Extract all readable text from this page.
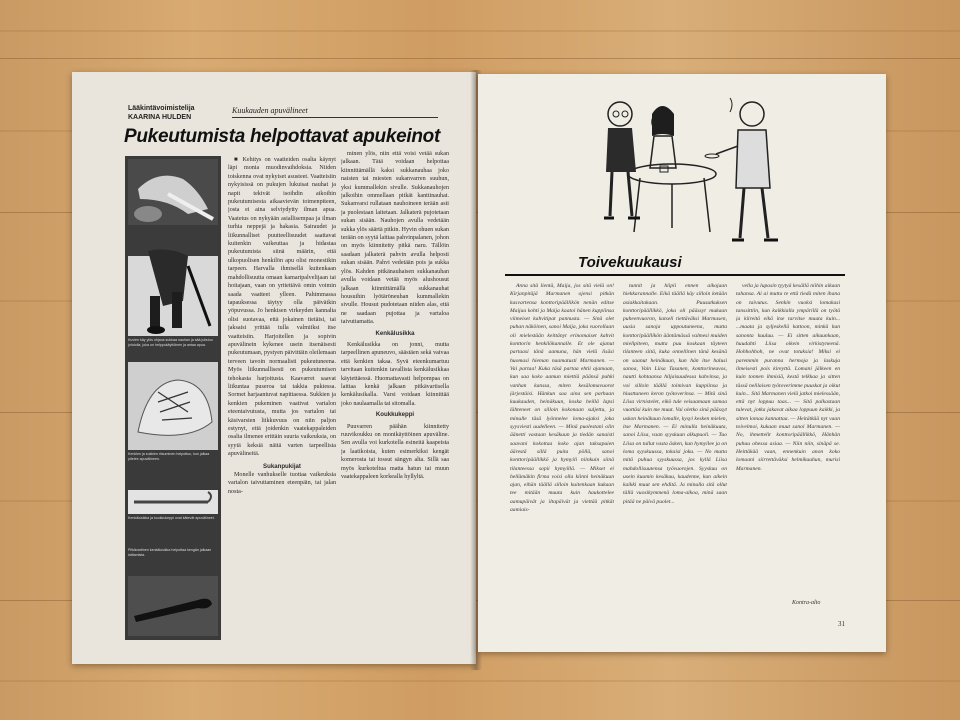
Lääkintävoimistelija
KAARINA HULDEN
Kuukauden apuvälineet
Pukeutumista helpottavat apukeinot
Kuvien käy ylös ohjaus sukkaa nauhan ja sää julistuu johdolla, joka on helppokäyttöinen ja antaa apua.
Kenkien ja sukkien riisuminen helpottuu, kun jalkaa pitelee apuvälineen.
Kenkälusikka ja koukkukeppi ovat kätevät apuvälineet.
Pitkävartinen kenkälusikka helpottaa kengän jalkaan laittamista.

■ Kehitys on vaatteiden osalta käynyt läpi monia muodinvaihdoksia. Niiden toiskenna ovat nykyiset asusteet. Vaatteisiin nykyisissä on pukujen lukuisat nauhat ja napit tekivät isoihdin aikoihin pukeutumisesta aikaavievän toimenpiteen, josta ei aina selviydytty ilman apua. Vaatetus on nykyään asiallisempaa ja ilman turhia neppejä ja hakasia. Sairaudet ja liikunnalliset puutteellisuudet saattavat kuitenkin vaikeuttaa ja hidastaa pukeutumista siinä määrin, että ulkopuolisen henkilön apu olisi monestikin tarpeen. Harvalla ihmisellä kuitenkaan mahdollisuutta omaan kamaripalvelijaan tai hoitajaan, vaan on yritettävä omin voimin saada vaatteet ylleen. Pahimmassa tapauksessa täytyy olla päivätkin yöpuvussa. Jo henkisen virkeyden kannalta olisi suotavaa, että jokainen tietäisi, tai jaksaisi yrittää tulla valmiiksi itse vaatteisiin. Harjoitellen ja sopivin apuvälinein kykenee usein itsenäisesti pukeutumaan, pystyen päivittäin oleilemaan terveen tavoin normaalisti pukeutuneena. Myös liikunnallisesti on pukeutumisen tehokasta harjoitusta. Kaavarret saavat liikuntaa puseroa tai takkia pukiessa. Sormet harjaantuvat napittaessa. Sukkien ja kenkien pukeminen vaativat vartalon eteentaivutusta, mutta jos vartalon tai käsivarsien liikkuvuus on niin paljon estynyt, että joidenkin vaatekappaleiden osalta ilmenee erittäin suuria vaikeuksia, on syytä keksiä näitä varten tarpeellisia apuvälineitä.

Sukanpukijat

Monelle vanhukselle tuottaa vaikeuksia vartalon taivuttaminen eteenpäin, tai jalan nosta-

minen ylös, niin että voisi vetää sukan jalkaan. Tätä voidaan helpottaa kiinnittämällä kaksi sukkanauhaa joko naisten tai miesten sukanvarren suuhun, yksi kummallekin sivulle. Sukkanauhojen jalkoihin ommellaan pitkät kanttinauhat. Sukanvarsi rullataan nauhoineen terään asti ja puolestaan laitetaan. Jalkaterä pujotetaan sukan sisään. Nauhojen avulla vedetään sukka ylös säärtä pitkin. Hyvin ohuen sukan terään on syytä laittaa pahvinpalanen, johon on myös kiinnitetty pitkä naru. Tällöin saadaan jalkaterä pahvin avulla helposti sukan sisään. Pahvi vedetään pois ja sukka ylös. Kahden pitkänauhaisen sukkanauhan avulla voidaan vetää myös alushousut jalkaan kiinnittämällä sukkanauhat housuihin lyötäröneuhan kummallekin sivulle. Housut pudotetaan niiden alas, että ne saadaan pujottaa ja vartaloa taivuttamatta.

Kenkälusikka

Kenkälusikka on jonni, mutta tarpeellinen apuneuvo, säästäen sekä vaivaa että kenkien takaa. Syvä eteenkumartuu tarvitaan kuitenkin tavallista kenkälusikkaa käytettäessä. Huomattavasti helpompaa on laittaa kenkä jalkaan pitkävartisella kenkälusikalla. Varsi voidaan kiinnittää joko naulaamalla tai sitomalla.

Koukkukeppi

Puuvarren päähän kiinnitetty ruuvikoukku on monikäyttöinen apuväline. Sen avulla voi kurkotella esineitä kaapeista ja laatikoista, kuten esimerkiksi kengät komerosta tai tossut sängyn alta. Sillä saa myös kurkoteltua matta hatun tai muun vaatekappaleen korkealla hyllyltä.

Toivekuukausi

Anna sitä lientä, Maija, jos sitä vielä on! Kirjanpitäjä Marmanen ojensi pitkän kasvartensa konttoripäällikön nenän editse Maijaa kohti ja Maija kaatoi hänen kuppiinsa viimeiset kahvitipat pannusta. — Sinä olet puhan näköinen, sanoi Maija, joka vuorollaan oli mielestään keittänyt erinomaiset kahvit konttorin henkilökunnalle. Et ole ajanut partaasi tänä aamuna, hän vielä lisäsi huomasi hieman naamatusti Marmanen. — Vai partaa! Kuka täsä partaa ehtii ajamaan, kun saa koko aamun miettiä päänsä puhki vanhan kanssa, miten kesälomavuorot järjestäisi. Hänkun saa aina sen parhaan kuukauden, heinäkuun, koska heillä lapsi lähteneet on silloin kokonaan suljettu, ja minulle täsä lyönnelee loma-ajaksi joka syysviesti uudelleen. — Minä puolestani olin äänetti vastaan kesäkuun ja tiedän sanaisti saavani kokottaa koko ajan taksapuien äärestä sillä puita pöllä, sanoi konttoripäällikkö ja hymyili niinkuin siinä tilanteessa sopii hymyillä. — Mikset ei hellämäkin firma voisi olla kiinni heinäkuun ajan, eihän täällä silloin kuitenkaan kukaan tee mitään muuta kuin haukottelee aamupäivät ja iltapäivät ja viettää pitkät aamiais-

tunnit ja hiipii ennen aikojaan hiekkarannalle. Eikä täällä käy silloin ketään asiakkaitakaan. Puusutkuksen konttoripäällikkö, joka oli päässyt mukaan puheenvuoron, katseli tiettäväksi Marmasen, uusia sanoja uppoutuneena, mutta konttoripäällikön ääntämässä valmesi muiden mielipiteen, mutta puu koskaan täyteen tilanteen siitä, kuka onnellinen tänä kesänä on saanut heinäkuun, kun hän itse halusi sanoa, Vain Liisa Tasanen, konttorineuvos, nautti kohtaansa hiljaisuudessa kahvinsa, ja voi silloin täällä toimivan kuppiinsa ja hiusttuneen keron työtoverinsa. — Mitä sinä Liisa virnistelet, eikö tule veisaamaan samaa vuottäsi kuin me muut. Vai oletko sinä päässyt uskon heinäkuun lomalle, kysyi kesken mielen, itse Marmanen. — Ei minulla heinäkuuta, sanoi Liisa, vaan syyskuun alkupuoli. — Tuo Liisa on tullut vasta äsken, kun hymyilee ja on loma syyskuussa, tokaisi joku. — No mutta mitä puhua syyskuussa, jos kyllä Liisa mahdollisuutensa työvuorojen. Syyskuu on usein kuumin kesäkuu, kaudenne, kun aikein kaikki muut sen ehditä. Ja minulla sitä ollut tällä vuosikymmenä loma-aikoa, minä saan pitää ne päivä puolet...

vella ja lupasin tyytyä kesällä niihin aikaan tahansa. Ai ai mutta te että tiedä miten ihana on taivutus. Senkin vuoksi lomakasi tanssittiin, kun kaikkialla ympärillä on työtä ja kiireitä eikä itse tarvitse muuta kuin... ...maata ja syljeskellä kattoon, minkä kun sanonta kuuluu. — Ei sitten aikuunkaan, huudahti Liisa oikein virkistyneenä. Hohhohhoh, ne ovat totuksia! Miksi ei paremmin puranna hermoja ja laskuja ilmeisesti pois kireyttä. Lomani jälkeen en kuin tonnen ihmisiä, kestä telkkaa ja sitten tässä nelilaisen työtoverimme puuskat ja oikut kuin... Sitä Marmanen vielä jatkoi mielessään, että nyt loppuu taas... — Sitä palkastaan tulevat, jotka jakavat aikaa loppuun kaikki, ja sitten lomaa kannattaa. — Heitätkää nyt vaan toivelmoi, kukaan muut sanoi Marmanen. — No, ihmettelit konttoripäällikkö, Hänhän puhuu ohessa asiaa. — Niin niin, sinäpä se. Heittäkää vaan, ennenkuin anon koko lomaani siirrettäväksi helmikuuhun, murisi Marmanen.

Kontra-alto
31
